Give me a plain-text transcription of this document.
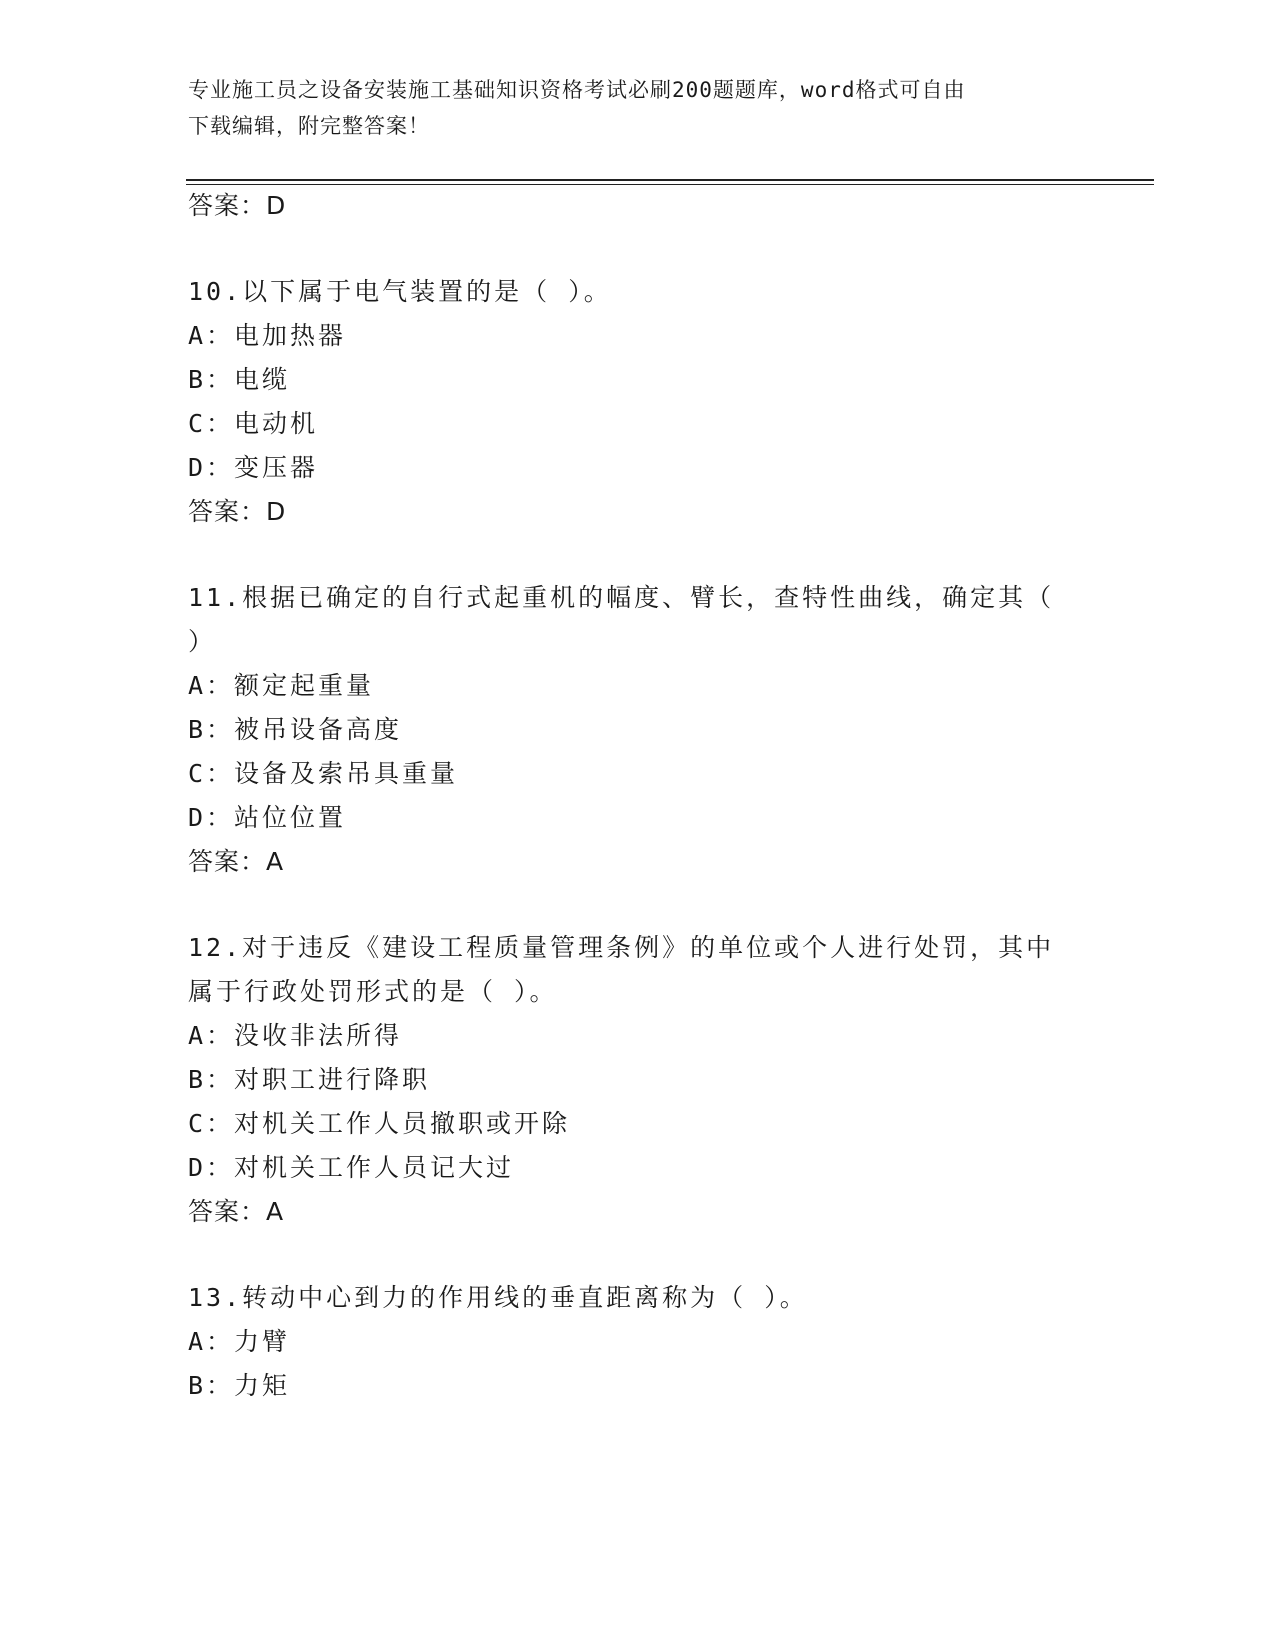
专业施工员之设备安装施工基础知识资格考试必刷200题题库，word格式可自由
下载编辑，附完整答案！
答案：D
10.以下属于电气装置的是（ ）。
A：电加热器
B：电缆
C：电动机
D：变压器
答案：D
11.根据已确定的自行式起重机的幅度、臂长，查特性曲线，确定其（
）
A：额定起重量
B：被吊设备高度
C：设备及索吊具重量
D：站位位置
答案：A
12.对于违反《建设工程质量管理条例》的单位或个人进行处罚，其中
属于行政处罚形式的是（ ）。
A：没收非法所得
B：对职工进行降职
C：对机关工作人员撤职或开除
D：对机关工作人员记大过
答案：A
13.转动中心到力的作用线的垂直距离称为（ ）。
A：力臂
B：力矩
